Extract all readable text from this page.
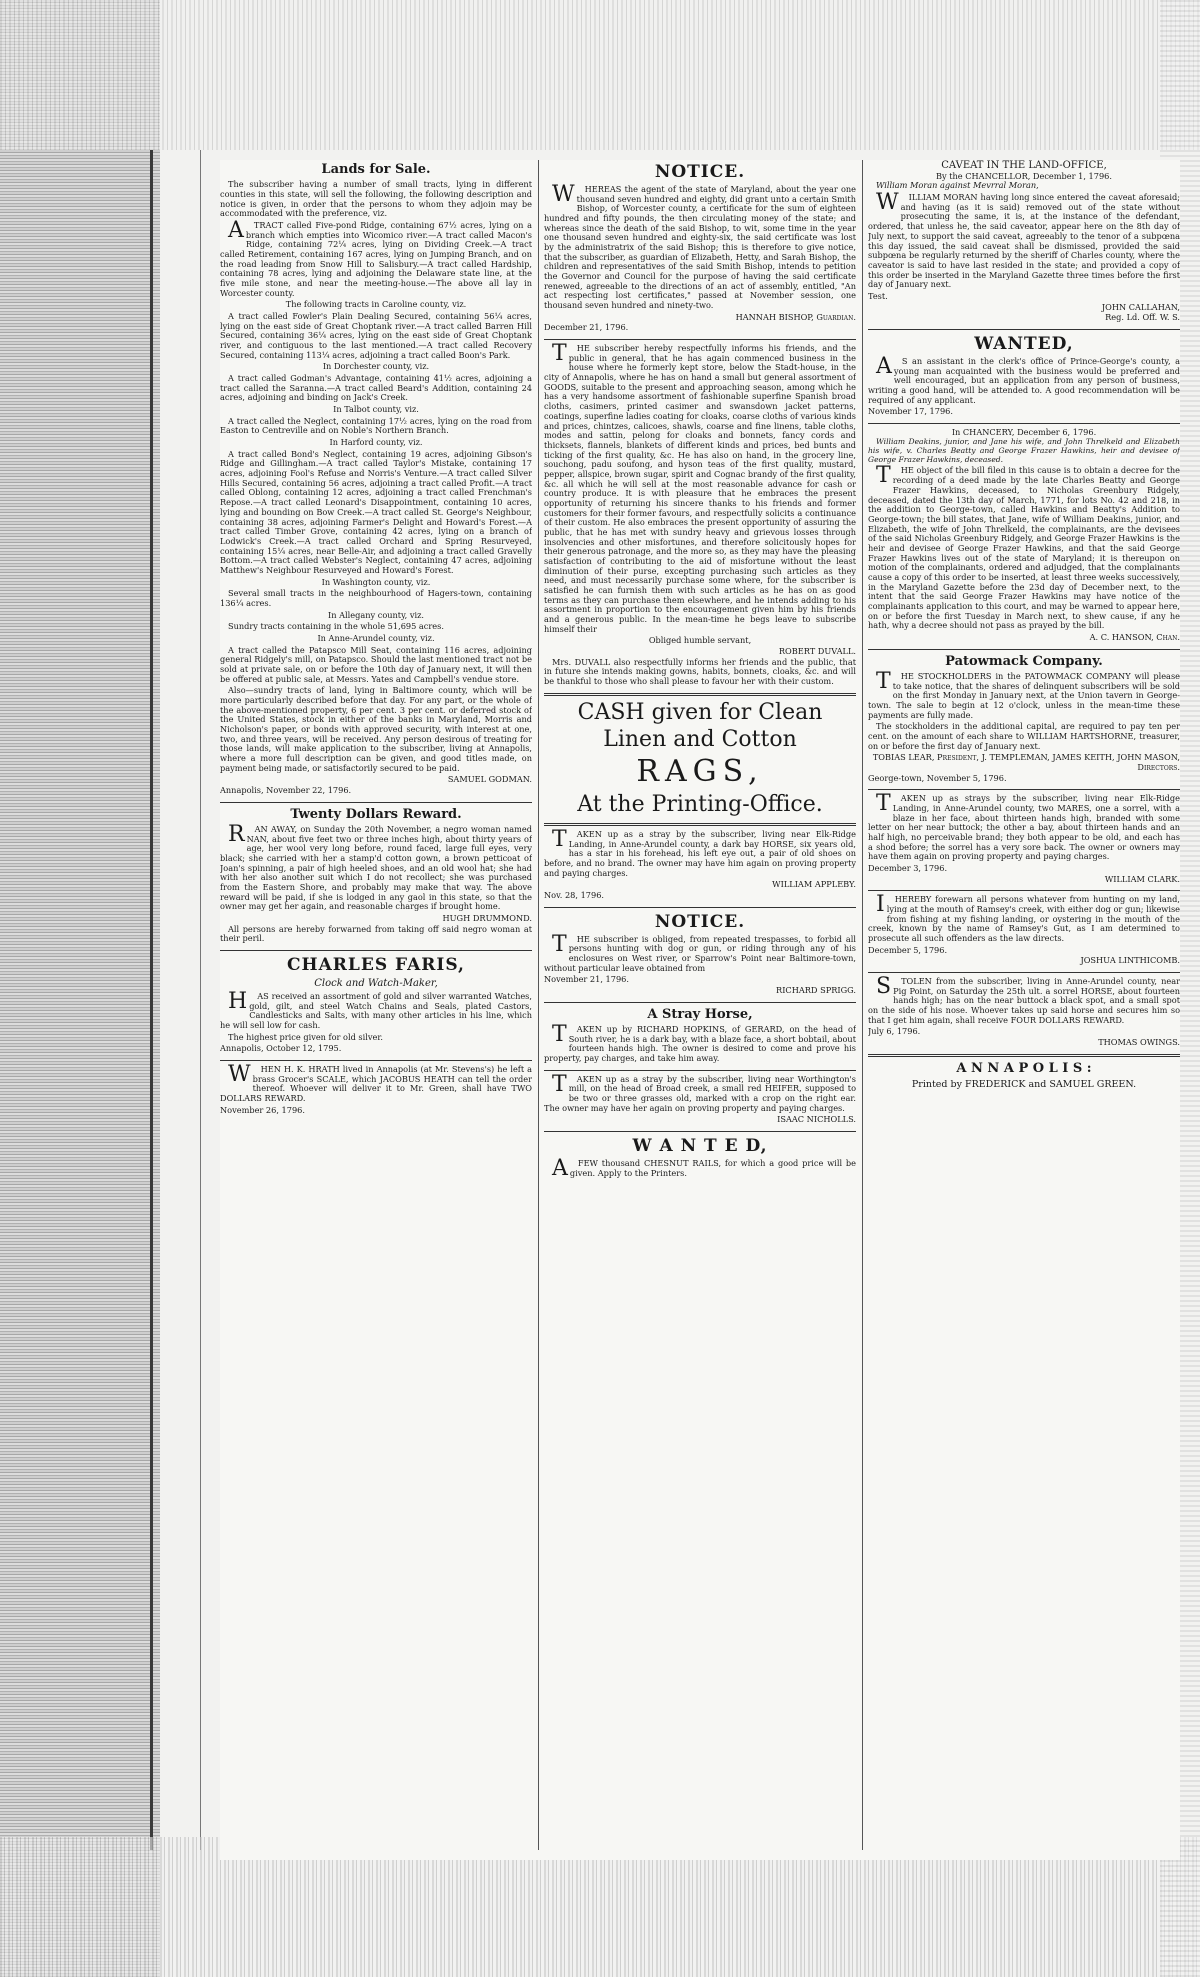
Lands for Sale.

The subscriber having a number of small tracts, lying in different counties in this state, will sell the following, the following description and notice is given, in order that the persons to whom they adjoin may be accommodated with the preference, viz.

ATRACT called Five-pond Ridge, containing 67½ acres, lying on a branch which empties into Wicomico river.—A tract called Macon's Ridge, containing 72¼ acres, lying on Dividing Creek.—A tract called Retirement, containing 167 acres, lying on Jumping Branch, and on the road leading from Snow Hill to Salisbury.—A tract called Hardship, containing 78 acres, lying and adjoining the Delaware state line, at the five mile stone, and near the meeting-house.—The above all lay in Worcester county.

The following tracts in Caroline county, viz.

A tract called Fowler's Plain Dealing Secured, containing 56¼ acres, lying on the east side of Great Choptank river.—A tract called Barren Hill Secured, containing 36¼ acres, lying on the east side of Great Choptank river, and contiguous to the last mentioned.—A tract called Recovery Secured, containing 113¼ acres, adjoining a tract called Boon's Park.

In Dorchester county, viz.

A tract called Godman's Advantage, containing 41½ acres, adjoining a tract called the Saranna.—A tract called Beard's Addition, containing 24 acres, adjoining and binding on Jack's Creek.

In Talbot county, viz.

A tract called the Neglect, containing 17½ acres, lying on the road from Easton to Centreville and on Noble's Northern Branch.

In Harford county, viz.

A tract called Bond's Neglect, containing 19 acres, adjoining Gibson's Ridge and Gillingham.—A tract called Taylor's Mistake, containing 17 acres, adjoining Fool's Refuse and Norris's Venture.—A tract called Silver Hills Secured, containing 56 acres, adjoining a tract called Profit.—A tract called Oblong, containing 12 acres, adjoining a tract called Frenchman's Repose.—A tract called Leonard's Disappointment, containing 10 acres, lying and bounding on Bow Creek.—A tract called St. George's Neighbour, containing 38 acres, adjoining Farmer's Delight and Howard's Forest.—A tract called Timber Grove, containing 42 acres, lying on a branch of Lodwick's Creek.—A tract called Orchard and Spring Resurveyed, containing 15¼ acres, near Belle-Air, and adjoining a tract called Gravelly Bottom.—A tract called Webster's Neglect, containing 47 acres, adjoining Matthew's Neighbour Resurveyed and Howard's Forest.

In Washington county, viz.

Several small tracts in the neighbourhood of Hagers-town, containing 136¼ acres.

In Allegany county, viz.

Sundry tracts containing in the whole 51,695 acres.

In Anne-Arundel county, viz.

A tract called the Patapsco Mill Seat, containing 116 acres, adjoining general Ridgely's mill, on Patapsco. Should the last mentioned tract not be sold at private sale, on or before the 10th day of January next, it will then be offered at public sale, at Messrs. Yates and Campbell's vendue store.

Also—sundry tracts of land, lying in Baltimore county, which will be more particularly described before that day. For any part, or the whole of the above-mentioned property, 6 per cent. 3 per cent. or deferred stock of the United States, stock in either of the banks in Maryland, Morris and Nicholson's paper, or bonds with approved security, with interest at one, two, and three years, will be received. Any person desirous of treating for those lands, will make application to the subscriber, living at Annapolis, where a more full description can be given, and good titles made, on payment being made, or satisfactorily secured to be paid.

SAMUEL GODMAN.
Annapolis, November 22, 1796.
Twenty Dollars Reward.

RAN AWAY, on Sunday the 20th November, a negro woman named NAN, about five feet two or three inches high, about thirty years of age, her wool very long before, round faced, large full eyes, very black; she carried with her a stamp'd cotton gown, a brown petticoat of Joan's spinning, a pair of high heeled shoes, and an old wool hat; she had with her also another suit which I do not recollect; she was purchased from the Eastern Shore, and probably may make that way. The above reward will be paid, if she is lodged in any gaol in this state, so that the owner may get her again, and reasonable charges if brought home.

HUGH DRUMMOND.

All persons are hereby forwarned from taking off said negro woman at their peril.

CHARLES FARIS,
Clock and Watch-Maker,

HAS received an assortment of gold and silver warranted Watches, gold, gilt, and steel Watch Chains and Seals, plated Castors, Candlesticks and Salts, with many other articles in his line, which he will sell low for cash.

The highest price given for old silver.

Annapolis, October 12, 1795.

WHEN H. K. HRATH lived in Annapolis (at Mr. Stevens's) he left a brass Grocer's SCALE, which JACOBUS HEATH can tell the order thereof. Whoever will deliver it to Mr. Green, shall have TWO DOLLARS REWARD.

November 26, 1796.
NOTICE.

WHEREAS the agent of the state of Maryland, about the year one thousand seven hundred and eighty, did grant unto a certain Smith Bishop, of Worcester county, a certificate for the sum of eighteen hundred and fifty pounds, the then circulating money of the state; and whereas since the death of the said Bishop, to wit, some time in the year one thousand seven hundred and eighty-six, the said certificate was lost by the administratrix of the said Bishop; this is therefore to give notice, that the subscriber, as guardian of Elizabeth, Hetty, and Sarah Bishop, the children and representatives of the said Smith Bishop, intends to petition the Governor and Council for the purpose of having the said certificate renewed, agreeable to the directions of an act of assembly, entitled, "An act respecting lost certificates," passed at November session, one thousand seven hundred and ninety-two.

HANNAH BISHOP, Guardian.
December 21, 1796.

THE subscriber hereby respectfully informs his friends, and the public in general, that he has again commenced business in the house where he formerly kept store, below the Stadt-house, in the city of Annapolis, where he has on hand a small but general assortment of GOODS, suitable to the present and approaching season, among which he has a very handsome assortment of fashionable superfine Spanish broad cloths, casimers, printed casimer and swansdown jacket patterns, coatings, superfine ladies coating for cloaks, coarse cloths of various kinds and prices, chintzes, calicoes, shawls, coarse and fine linens, table cloths, modes and sattin, pelong for cloaks and bonnets, fancy cords and thicksets, flannels, blankets of different kinds and prices, bed bunts and ticking of the first quality, &c. He has also on hand, in the grocery line, souchong, padu soufong, and hyson teas of the first quality, mustard, pepper, allspice, brown sugar, spirit and Cognac brandy of the first quality, &c. all which he will sell at the most reasonable advance for cash or country produce. It is with pleasure that he embraces the present opportunity of returning his sincere thanks to his friends and former customers for their former favours, and respectfully solicits a continuance of their custom. He also embraces the present opportunity of assuring the public, that he has met with sundry heavy and grievous losses through insolvencies and other misfortunes, and therefore solicitously hopes for their generous patronage, and the more so, as they may have the pleasing satisfaction of contributing to the aid of misfortune without the least diminution of their purse, excepting purchasing such articles as they need, and must necessarily purchase some where, for the subscriber is satisfied he can furnish them with such articles as he has on as good terms as they can purchase them elsewhere, and he intends adding to his assortment in proportion to the encouragement given him by his friends and a generous public. In the mean-time he begs leave to subscribe himself their

Obliged humble servant,
ROBERT DUVALL.

Mrs. DUVALL also respectfully informs her friends and the public, that in future she intends making gowns, habits, bonnets, cloaks, &c. and will be thankful to those who shall please to favour her with their custom.

CASH given for Clean
Linen and Cotton
RAGS,
At the Printing-Office.

TAKEN up as a stray by the subscriber, living near Elk-Ridge Landing, in Anne-Arundel county, a dark bay HORSE, six years old, has a star in his forehead, his left eye out, a pair of old shoes on before, and no brand. The owner may have him again on proving property and paying charges.

WILLIAM APPLEBY.
Nov. 28, 1796.
NOTICE.

THE subscriber is obliged, from repeated trespasses, to forbid all persons hunting with dog or gun, or riding through any of his enclosures on West river, or Sparrow's Point near Baltimore-town, without particular leave obtained from

November 21, 1796.
RICHARD SPRIGG.
A Stray Horse,

TAKEN up by RICHARD HOPKINS, of GERARD, on the head of South river, he is a dark bay, with a blaze face, a short bobtail, about fourteen hands high. The owner is desired to come and prove his property, pay charges, and take him away.

TAKEN up as a stray by the subscriber, living near Worthington's mill, on the head of Broad creek, a small red HEIFER, supposed to be two or three grasses old, marked with a crop on the right ear. The owner may have her again on proving property and paying charges.

ISAAC NICHOLLS.
W A N T E D,

AFEW thousand CHESNUT RAILS, for which a good price will be given. Apply to the Printers.

CAVEAT IN THE LAND-OFFICE,
By the CHANCELLOR, December 1, 1796.

William Moran against Mevrral Moran,

WILLIAM MORAN having long since entered the caveat aforesaid; and having (as it is said) removed out of the state without prosecuting the same, it is, at the instance of the defendant, ordered, that unless he, the said caveator, appear here on the 8th day of July next, to support the said caveat, agreeably to the tenor of a subpœna this day issued, the said caveat shall be dismissed, provided the said subpœna be regularly returned by the sheriff of Charles county, where the caveator is said to have last resided in the state; and provided a copy of this order be inserted in the Maryland Gazette three times before the first day of January next.

Test.
JOHN CALLAHAN,
Reg. Ld. Off. W. S.
WANTED,

AS an assistant in the clerk's office of Prince-George's county, a young man acquainted with the business would be preferred and well encouraged, but an application from any person of business, writing a good hand, will be attended to. A good recommendation will be required of any applicant.

November 17, 1796.
In CHANCERY, December 6, 1796.

William Deakins, junior, and Jane his wife, and John Threlkeld and Elizabeth his wife, v. Charles Beatty and George Frazer Hawkins, heir and devisee of George Frazer Hawkins, deceased.

THE object of the bill filed in this cause is to obtain a decree for the recording of a deed made by the late Charles Beatty and George Frazer Hawkins, deceased, to Nicholas Greenbury Ridgely, deceased, dated the 13th day of March, 1771, for lots No. 42 and 218, in the addition to George-town, called Hawkins and Beatty's Addition to George-town; the bill states, that Jane, wife of William Deakins, junior, and Elizabeth, the wife of John Threlkeld, the complainants, are the devisees of the said Nicholas Greenbury Ridgely, and George Frazer Hawkins is the heir and devisee of George Frazer Hawkins, and that the said George Frazer Hawkins lives out of the state of Maryland; it is thereupon on motion of the complainants, ordered and adjudged, that the complainants cause a copy of this order to be inserted, at least three weeks successively, in the Maryland Gazette before the 23d day of December next, to the intent that the said George Frazer Hawkins may have notice of the complainants application to this court, and may be warned to appear here, on or before the first Tuesday in March next, to shew cause, if any he hath, why a decree should not pass as prayed by the bill.

A. C. HANSON, Chan.
Patowmack Company.

THE STOCKHOLDERS in the PATOWMACK COMPANY will please to take notice, that the shares of delinquent subscribers will be sold on the first Monday in January next, at the Union tavern in George-town. The sale to begin at 12 o'clock, unless in the mean-time these payments are fully made.

The stockholders in the additional capital, are required to pay ten per cent. on the amount of each share to WILLIAM HARTSHORNE, treasurer, on or before the first day of January next.

TOBIAS LEAR, President, J. TEMPLEMAN, JAMES KEITH, JOHN MASON, Directors.
George-town, November 5, 1796.

TAKEN up as strays by the subscriber, living near Elk-Ridge Landing, in Anne-Arundel county, two MARES, one a sorrel, with a blaze in her face, about thirteen hands high, branded with some letter on her near buttock; the other a bay, about thirteen hands and an half high, no perceivable brand; they both appear to be old, and each has a shod before; the sorrel has a very sore back. The owner or owners may have them again on proving property and paying charges.

December 3, 1796.
WILLIAM CLARK.

IHEREBY forewarn all persons whatever from hunting on my land, lying at the mouth of Ramsey's creek, with either dog or gun; likewise from fishing at my fishing landing, or oystering in the mouth of the creek, known by the name of Ramsey's Gut, as I am determined to prosecute all such offenders as the law directs.

December 5, 1796.
JOSHUA LINTHICOMB.

STOLEN from the subscriber, living in Anne-Arundel county, near Pig Point, on Saturday the 25th ult. a sorrel HORSE, about fourteen hands high; has on the near buttock a black spot, and a small spot on the side of his nose. Whoever takes up said horse and secures him so that I get him again, shall receive FOUR DOLLARS REWARD.

July 6, 1796.
THOMAS OWINGS.
A N N A P O L I S :
Printed by FREDERICK and SAMUEL GREEN.
